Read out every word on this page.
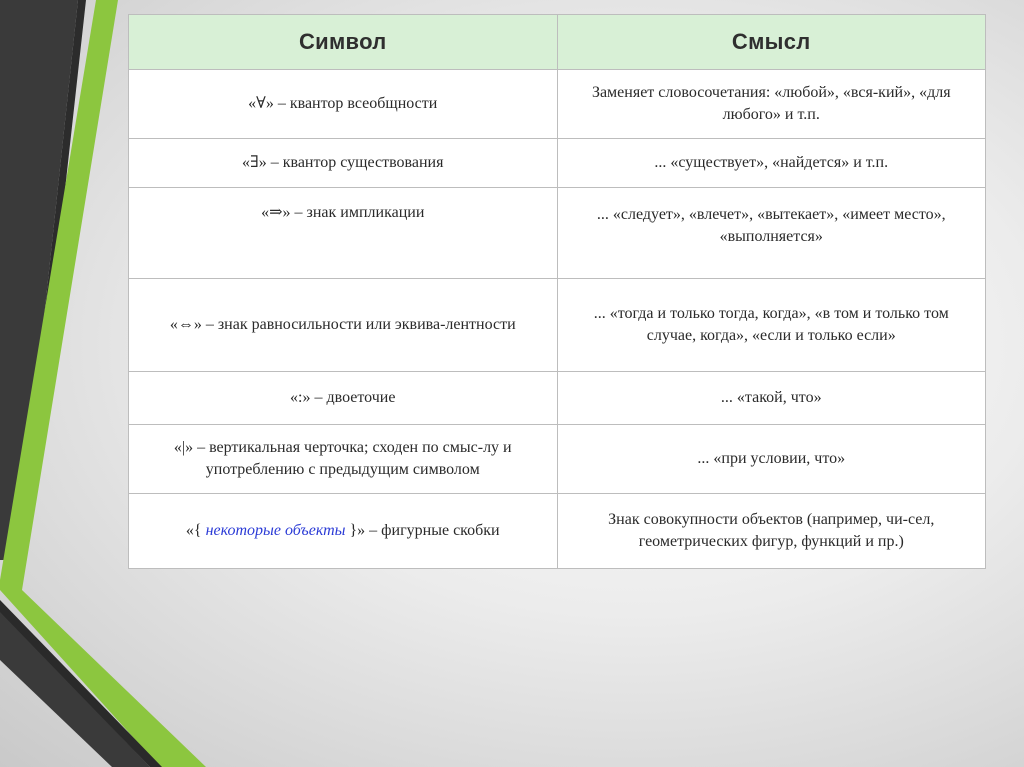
Символ	Смысл
«∀» – квантор всеобщности	Заменяет словосочетания: «любой», «вся-кий», «для любого» и т.п.
«∃» – квантор существования	... «существует», «найдется» и т.п.
«⇒» – знак импликации	... «следует», «влечет», «вытекает», «имеет место», «выполняется»
«⇔» – знак равносильности или эквива-лентности	... «тогда и только тогда, когда», «в том и только том случае, когда», «если и только если»
«:» – двоеточие	... «такой, что»
«|» – вертикальная черточка; сходен по смыс-лу и употреблению с предыдущим символом	... «при условии, что»
«{ некоторые объекты }» – фигурные скобки	Знак совокупности объектов (например, чи-сел, геометрических фигур, функций и пр.)
